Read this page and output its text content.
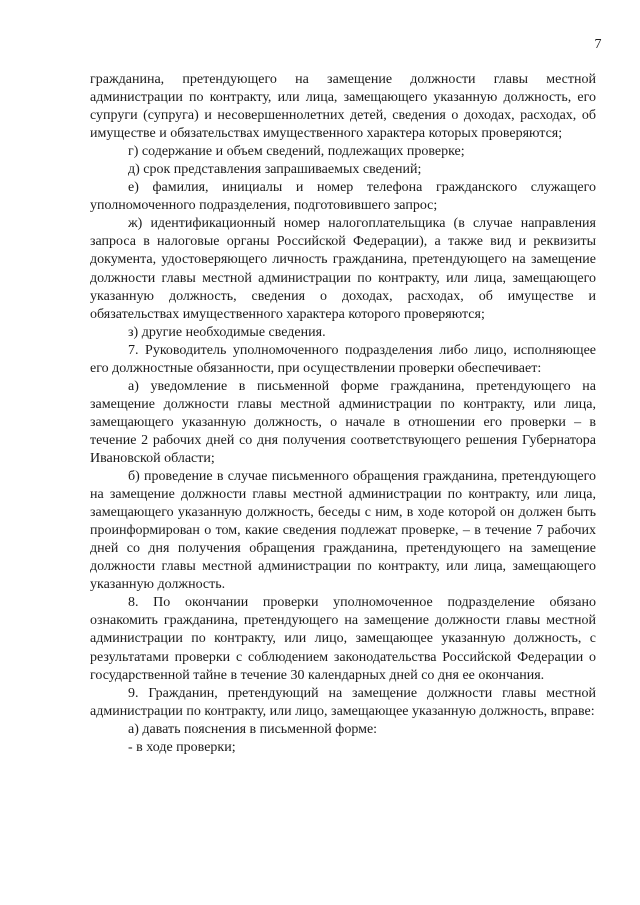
7

гражданина, претендующего на замещение должности главы местной администрации по контракту, или лица, замещающего указанную должность, его супруги (супруга) и несовершеннолетних детей, сведения о доходах, расходах, об имуществе и обязательствах имущественного характера которых проверяются;

г) содержание и объем сведений, подлежащих проверке;

д) срок представления запрашиваемых сведений;

е) фамилия, инициалы и номер телефона гражданского служащего уполномоченного подразделения, подготовившего запрос;

ж) идентификационный номер налогоплательщика (в случае направления запроса в налоговые органы Российской Федерации), а также вид и реквизиты документа, удостоверяющего личность гражданина, претендующего на замещение должности главы местной администрации по контракту, или лица, замещающего указанную должность, сведения о доходах, расходах, об имуществе и обязательствах имущественного характера которого проверяются;

з) другие необходимые сведения.

7. Руководитель уполномоченного подразделения либо лицо, исполняющее его должностные обязанности, при осуществлении проверки обеспечивает:

а) уведомление в письменной форме гражданина, претендующего на замещение должности главы местной администрации по контракту, или лица, замещающего указанную должность, о начале в отношении его проверки – в течение 2 рабочих дней со дня получения соответствующего решения Губернатора Ивановской области;

б) проведение в случае письменного обращения гражданина, претендующего на замещение должности главы местной администрации по контракту, или лица, замещающего указанную должность, беседы с ним, в ходе которой он должен быть проинформирован о том, какие сведения подлежат проверке, – в течение 7 рабочих дней со дня получения обращения гражданина, претендующего на замещение должности главы местной администрации по контракту, или лица, замещающего указанную должность.

8. По окончании проверки уполномоченное подразделение обязано ознакомить гражданина, претендующего на замещение должности главы местной администрации по контракту, или лицо, замещающее указанную должность, с результатами проверки с соблюдением законодательства Российской Федерации о государственной тайне в течение 30 календарных дней со дня ее окончания.

9. Гражданин, претендующий на замещение должности главы местной администрации по контракту, или лицо, замещающее указанную должность, вправе:

а) давать пояснения в письменной форме:

- в ходе проверки;
